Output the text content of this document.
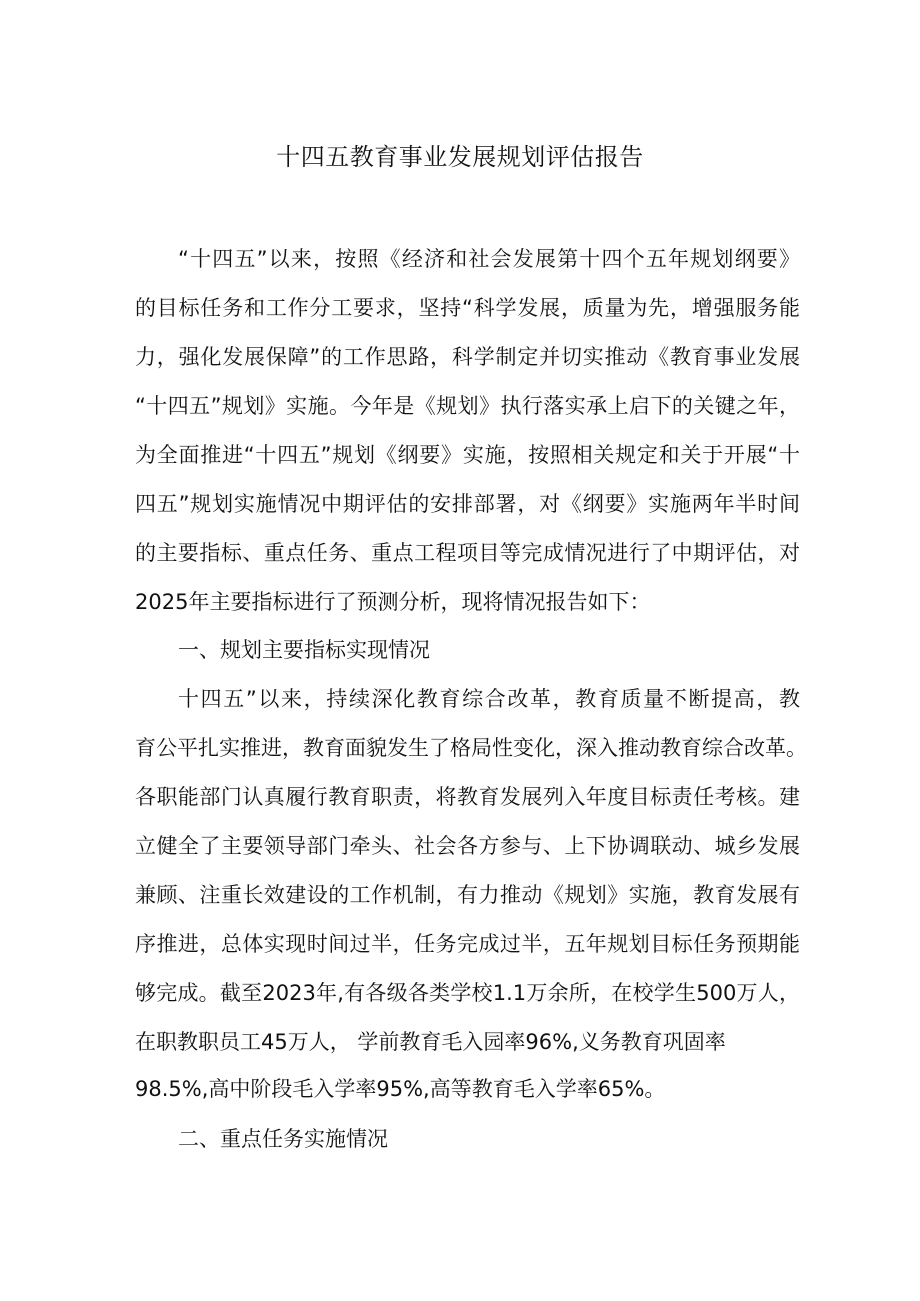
十四五教育事业发展规划评估报告

“十四五”以来，按照《经济和社会发展第十四个五年规划纲要》

的目标任务和工作分工要求，坚持“科学发展，质量为先，增强服务能

力，强化发展保障”的工作思路，科学制定并切实推动《教育事业发展

“十四五”规划》实施。今年是《规划》执行落实承上启下的关键之年，

为全面推进“十四五”规划《纲要》实施，按照相关规定和关于开展“十

四五”规划实施情况中期评估的安排部署，对《纲要》实施两年半时间

的主要指标、重点任务、重点工程项目等完成情况进行了中期评估，对

2025年主要指标进行了预测分析，现将情况报告如下：

一、规划主要指标实现情况

十四五”以来，持续深化教育综合改革，教育质量不断提高，教

育公平扎实推进，教育面貌发生了格局性变化，深入推动教育综合改革。

各职能部门认真履行教育职责，将教育发展列入年度目标责任考核。建

立健全了主要领导部门牵头、社会各方参与、上下协调联动、城乡发展

兼顾、注重长效建设的工作机制，有力推动《规划》实施，教育发展有

序推进，总体实现时间过半，任务完成过半，五年规划目标任务预期能

够完成。截至2023年,有各级各类学校1.1万余所，在校学生500万人，

在职教职员工45万人， 学前教育毛入园率96%,义务教育巩固率

98.5%,高中阶段毛入学率95%,高等教育毛入学率65%。

二、重点任务实施情况
